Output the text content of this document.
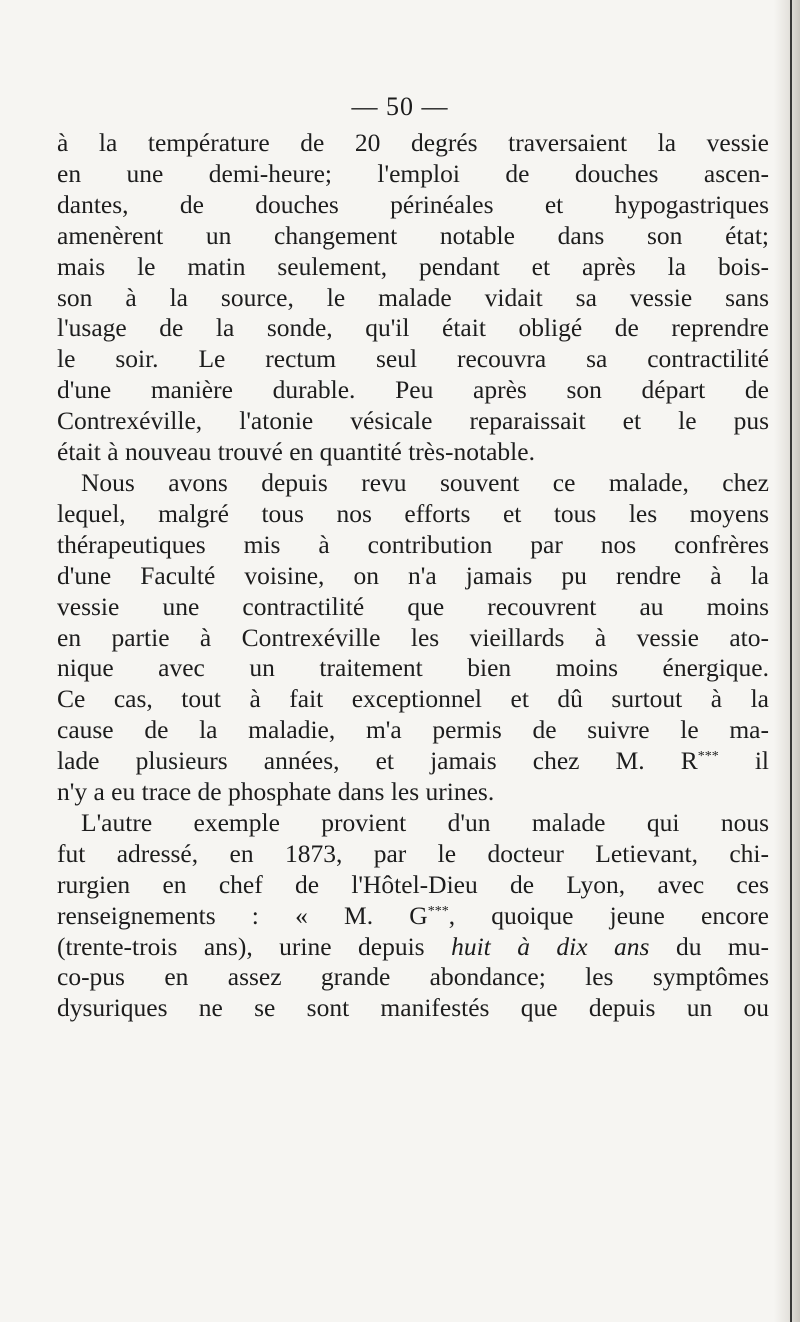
— 50 —
à la température de 20 degrés traversaient la vessie
en une demi-heure; l'emploi de douches ascen-
dantes, de douches périnéales et hypogastriques
amenèrent un changement notable dans son état;
mais le matin seulement, pendant et après la bois-
son à la source, le malade vidait sa vessie sans
l'usage de la sonde, qu'il était obligé de reprendre
le soir. Le rectum seul recouvra sa contractilité
d'une manière durable. Peu après son départ de
Contrexéville, l'atonie vésicale reparaissait et le pus
était à nouveau trouvé en quantité très-notable.
Nous avons depuis revu souvent ce malade, chez
lequel, malgré tous nos efforts et tous les moyens
thérapeutiques mis à contribution par nos confrères
d'une Faculté voisine, on n'a jamais pu rendre à la
vessie une contractilité que recouvrent au moins
en partie à Contrexéville les vieillards à vessie ato-
nique avec un traitement bien moins énergique.
Ce cas, tout à fait exceptionnel et dû surtout à la
cause de la maladie, m'a permis de suivre le ma-
lade plusieurs années, et jamais chez M. R*** il
n'y a eu trace de phosphate dans les urines.
L'autre exemple provient d'un malade qui nous
fut adressé, en 1873, par le docteur Letievant, chi-
rurgien en chef de l'Hôtel-Dieu de Lyon, avec ces
renseignements : « M. G***, quoique jeune encore
(trente-trois ans), urine depuis huit à dix ans du mu-
co-pus en assez grande abondance; les symptômes
dysuriques ne se sont manifestés que depuis un ou
